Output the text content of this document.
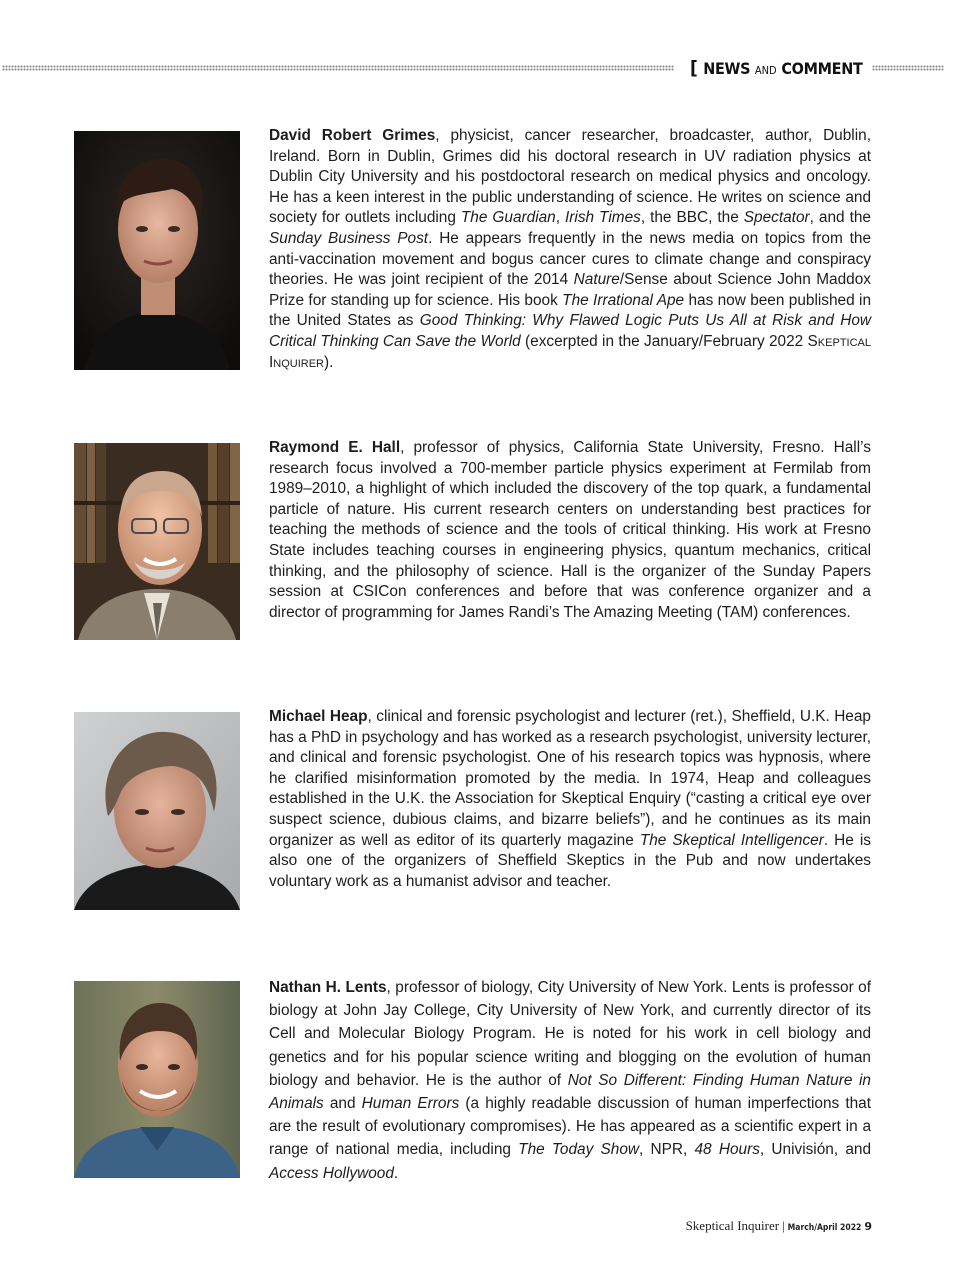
[ NEWS AND COMMENT

David Robert Grimes, physicist, cancer researcher, broadcaster, author, Dublin, Ireland. Born in Dublin, Grimes did his doctoral research in UV radiation physics at Dublin City University and his postdoctoral research on medical physics and oncology. He has a keen interest in the public understanding of science. He writes on science and society for outlets including The Guardian, Irish Times, the BBC, the Spectator, and the Sunday Business Post. He appears frequently in the news media on topics from the anti-vaccination movement and bogus cancer cures to climate change and conspiracy theories. He was joint recipient of the 2014 Nature/Sense about Science John Maddox Prize for standing up for science. His book The Irrational Ape has now been published in the United States as Good Thinking: Why Flawed Logic Puts Us All at Risk and How Critical Thinking Can Save the World (excerpted in the January/February 2022 Skeptical Inquirer).

Raymond E. Hall, professor of physics, California State University, Fresno. Hall’s research focus involved a 700-member particle physics experiment at Fermilab from 1989–2010, a highlight of which included the discovery of the top quark, a fundamental particle of nature. His current research centers on understanding best practices for teaching the methods of science and the tools of critical thinking. His work at Fresno State includes teaching courses in engineering physics, quantum mechanics, critical thinking, and the philosophy of science. Hall is the organizer of the Sunday Papers session at CSICon conferences and before that was conference organizer and a director of programming for James Randi’s The Amazing Meeting (TAM) conferences.

Michael Heap, clinical and forensic psychologist and lecturer (ret.), Sheffield, U.K. Heap has a PhD in psychology and has worked as a research psychologist, university lecturer, and clinical and forensic psychologist. One of his research topics was hypnosis, where he clarified misinformation promoted by the media. In 1974, Heap and colleagues established in the U.K. the Association for Skeptical Enquiry (“casting a critical eye over suspect science, dubious claims, and bizarre beliefs”), and he continues as its main organizer as well as editor of its quarterly magazine The Skeptical Intelligencer. He is also one of the organizers of Sheffield Skeptics in the Pub and now undertakes voluntary work as a humanist advisor and teacher.

Nathan H. Lents, professor of biology, City University of New York. Lents is professor of biology at John Jay College, City University of New York, and currently director of its Cell and Molecular Biology Program. He is noted for his work in cell biology and genetics and for his popular science writing and blogging on the evolution of human biology and behavior. He is the author of Not So Different: Finding Human Nature in Animals and Human Errors (a highly readable discussion of human imperfections that are the result of evolutionary compromises). He has appeared as a scientific expert in a range of national media, including The Today Show, NPR, 48 Hours, Univisión, and Access Hollywood.

Skeptical Inquirer | March/April 2022 9
